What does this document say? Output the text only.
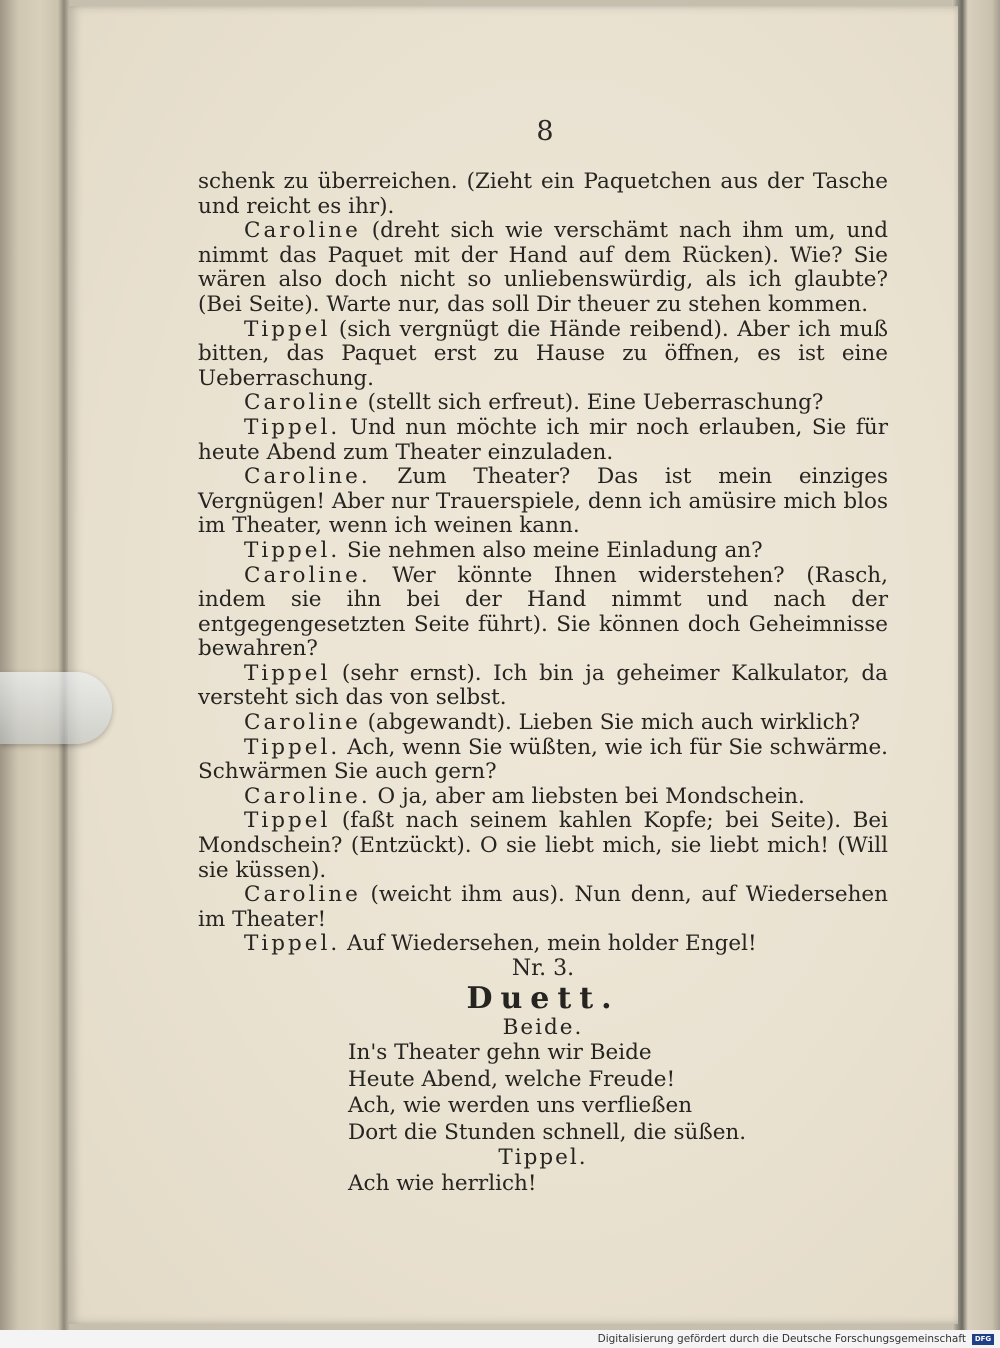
8

schenk zu überreichen. (Zieht ein Paquetchen aus der Tasche und reicht es ihr).

Caroline (dreht sich wie verschämt nach ihm um, und nimmt das Paquet mit der Hand auf dem Rücken). Wie? Sie wären also doch nicht so unliebenswürdig, als ich glaubte? (Bei Seite). Warte nur, das soll Dir theuer zu stehen kommen.

Tippel (sich vergnügt die Hände reibend). Aber ich muß bitten, das Paquet erst zu Hause zu öffnen, es ist eine Ueberraschung.

Caroline (stellt sich erfreut). Eine Ueberraschung?

Tippel. Und nun möchte ich mir noch erlauben, Sie für heute Abend zum Theater einzuladen.

Caroline. Zum Theater? Das ist mein einziges Vergnügen! Aber nur Trauerspiele, denn ich amüsire mich blos im Theater, wenn ich weinen kann.

Tippel. Sie nehmen also meine Einladung an?

Caroline. Wer könnte Ihnen widerstehen? (Rasch, indem sie ihn bei der Hand nimmt und nach der entgegengesetzten Seite führt). Sie können doch Geheimnisse bewahren?

Tippel (sehr ernst). Ich bin ja geheimer Kalkulator, da versteht sich das von selbst.

Caroline (abgewandt). Lieben Sie mich auch wirklich?

Tippel. Ach, wenn Sie wüßten, wie ich für Sie schwärme. Schwärmen Sie auch gern?

Caroline. O ja, aber am liebsten bei Mondschein.

Tippel (faßt nach seinem kahlen Kopfe; bei Seite). Bei Mondschein? (Entzückt). O sie liebt mich, sie liebt mich! (Will sie küssen).

Caroline (weicht ihm aus). Nun denn, auf Wiedersehen im Theater!

Tippel. Auf Wiedersehen, mein holder Engel!

Nr. 3.

Duett.

Beide.

In's Theater gehn wir Beide

Heute Abend, welche Freude!

Ach, wie werden uns verfließen

Dort die Stunden schnell, die süßen.

Tippel.

Ach wie herrlich!

Digitalisierung gefördert durch die Deutsche Forschungsgemeinschaft DFG
